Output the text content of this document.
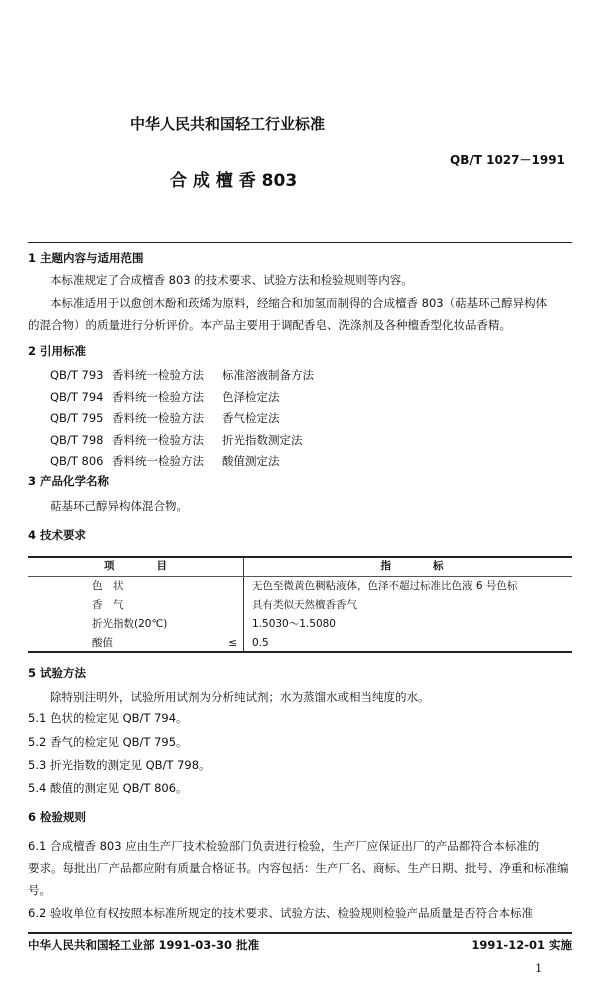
中华人民共和国轻工行业标准
QB/T 1027－1991
合 成 檀 香 803
1 主题内容与适用范围
本标准规定了合成檀香 803 的技术要求、试验方法和检验规则等内容。
本标准适用于以愈创木酚和莰烯为原料，经缩合和加氢而制得的合成檀香 803（萜基环己醇异构体
的混合物）的质量进行分析评价。本产品主要用于调配香皂、洗涤剂及各种檀香型化妆品香精。
2 引用标准
QB/T 793 香料统一检验方法 标准溶液制备方法
QB/T 794 香料统一检验方法 色泽检定法
QB/T 795 香料统一检验方法 香气检定法
QB/T 798 香料统一检验方法 折光指数测定法
QB/T 806 香料统一检验方法 酸值测定法
3 产品化学名称
萜基环己醇异构体混合物。
4 技术要求
项　　　　目	指　　　　标
色　状	无色至微黄色稠粘液体，色泽不超过标准比色液 6 号色标
香　气	具有类似天然檀香香气
折光指数(20℃)	1.5030～1.5080
酸值 ≤	0.5
5 试验方法
除特别注明外，试验所用试剂为分析纯试剂；水为蒸馏水或相当纯度的水。
5.1 色状的检定见 QB/T 794。
5.2 香气的检定见 QB/T 795。
5.3 折光指数的测定见 QB/T 798。
5.4 酸值的测定见 QB/T 806。
6 检验规则
6.1 合成檀香 803 应由生产厂技术检验部门负责进行检验，生产厂应保证出厂的产品都符合本标准的
要求。每批出厂产品都应附有质量合格证书。内容包括：生产厂名、商标、生产日期、批号、净重和标准编
号。
6.2 验收单位有权按照本标准所规定的技术要求、试验方法、检验规则检验产品质量是否符合本标准
中华人民共和国轻工业部 1991-03-30 批准	1991-12-01 实施
1
